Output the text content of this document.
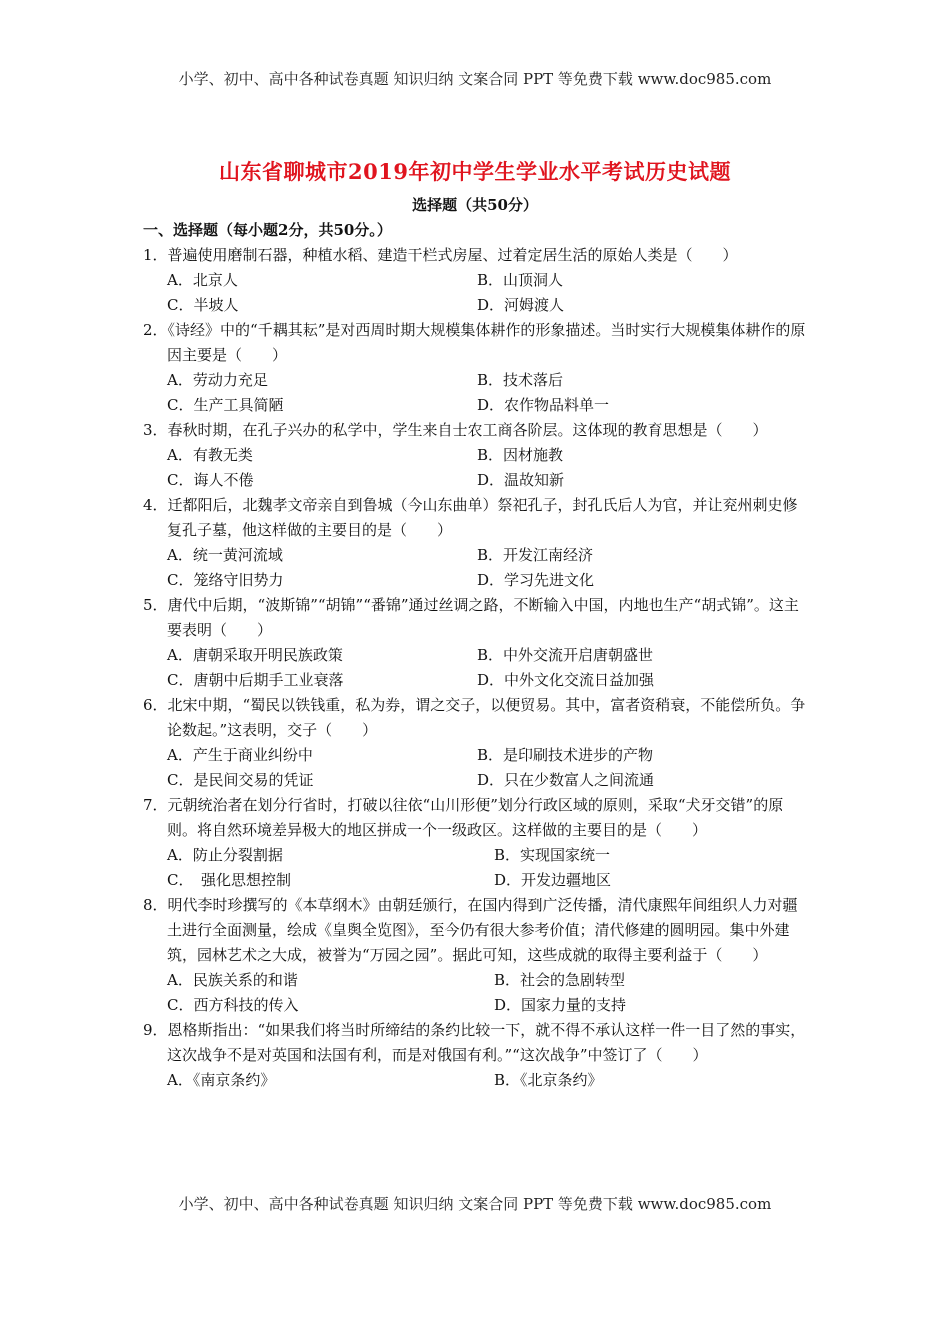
小学、初中、高中各种试卷真题 知识归纳 文案合同 PPT 等免费下载 www.doc985.com
山东省聊城市2019年初中学生学业水平考试历史试题
选择题（共50分）
一、选择题（每小题2分，共50分。）
1．普遍使用磨制石器，种植水稻、建造干栏式房屋、过着定居生活的原始人类是（　　）
A．北京人	B．山顶洞人
C．半坡人	D．河姆渡人
2．《诗经》中的“千耦其耘”是对西周时期大规模集体耕作的形象描述。当时实行大规模集体耕作的原因主要是（　　）
A．劳动力充足	B．技术落后
C．生产工具简陋	D．农作物品料单一
3．春秋时期，在孔子兴办的私学中，学生来自士农工商各阶层。这体现的教育思想是（　　）
A．有教无类	B．因材施教
C．诲人不倦	D．温故知新
4．迁都阳后，北魏孝文帝亲自到鲁城（今山东曲单）祭祀孔子，封孔氏后人为官，并让兖州刺史修复孔子墓，他这样做的主要目的是（　　）
A．统一黄河流域	B．开发江南经济
C．笼络守旧势力	D．学习先进文化
5．唐代中后期，“波斯锦”“胡锦”“番锦”通过丝调之路，不断输入中国，内地也生产“胡式锦”。这主要表明（　　）
A．唐朝采取开明民族政策	B．中外交流开启唐朝盛世
C．唐朝中后期手工业衰落	D．中外文化交流日益加强
6．北宋中期，“蜀民以铁钱重，私为券，谓之交子，以便贸易。其中，富者资稍衰，不能偿所负。争论数起。”这表明，交子（　　）
A．产生于商业纠纷中	B．是印刷技术进步的产物
C．是民间交易的凭证	D．只在少数富人之间流通
7．元朝统治者在划分行省时，打破以往依“山川形便”划分行政区域的原则，采取“犬牙交错”的原则。将自然环境差异极大的地区拼成一个一级政区。这样做的主要目的是（　　）
A．防止分裂割据	B．实现国家统一
C．　强化思想控制	D．开发边疆地区
8．明代李时珍撰写的《本草纲木》由朝廷颁行，在国内得到广泛传播，清代康熙年间组织人力对疆土进行全面测量，绘成《皇舆全览图》，至今仍有很大参考价值；清代修建的圆明园。集中外建筑，园林艺术之大成，被誉为“万园之园”。据此可知，这些成就的取得主要利益于（　　）
A．民族关系的和谐	B．社会的急剧转型
C．西方科技的传入	D．国家力量的支持
9．恩格斯指出：“如果我们将当时所缔结的条约比较一下，就不得不承认这样一件一目了然的事实，这次战争不是对英国和法国有利，而是对俄国有利。”“这次战争”中签订了（　　）
A．《南京条约》	B．《北京条约》
小学、初中、高中各种试卷真题 知识归纳 文案合同 PPT 等免费下载 www.doc985.com
